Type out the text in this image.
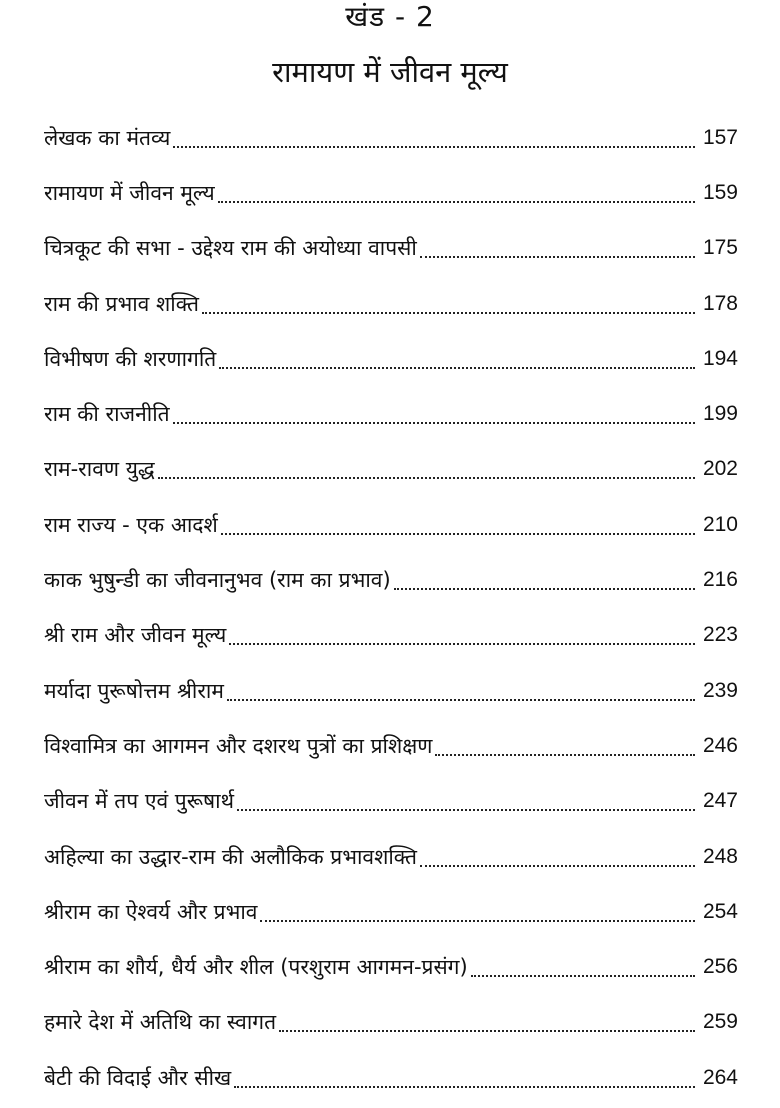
खंड - 2
रामायण में जीवन मूल्य
लेखक का मंतव्य	157
रामायण में जीवन मूल्य	159
चित्रकूट की सभा - उद्देश्य राम की अयोध्या वापसी	175
राम की प्रभाव शक्ति	178
विभीषण की शरणागति	194
राम की राजनीति	199
राम-रावण युद्ध	202
राम राज्य - एक आदर्श	210
काक भुषुन्डी का जीवनानुभव (राम का प्रभाव)	216
श्री राम और जीवन मूल्य	223
मर्यादा पुरूषोत्तम श्रीराम	239
विश्वामित्र का आगमन और दशरथ पुत्रों का प्रशिक्षण	246
जीवन में तप एवं पुरूषार्थ	247
अहिल्या का उद्धार-राम की अलौकिक प्रभावशक्ति	248
श्रीराम का ऐश्वर्य और प्रभाव	254
श्रीराम का शौर्य, धैर्य और शील (परशुराम आगमन-प्रसंग)	256
हमारे देश में अतिथि का स्वागत	259
बेटी की विदाई और सीख	264
